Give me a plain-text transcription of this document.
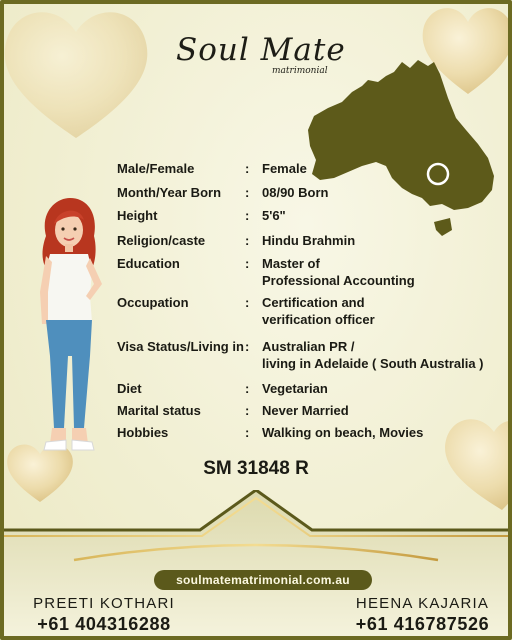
Soul Mate
matrimonial
Male/Female	: Female
Month/Year Born	: 08/90 Born
Height	: 5'6"
Religion/caste	: Hindu Brahmin
Education	: Master of
Professional Accounting
Occupation	: Certification and
verification officer
Visa Status/Living in : Australian PR /
living in Adelaide ( South Australia )
Diet	: Vegetarian
Marital status	: Never Married
Hobbies	: Walking on beach, Movies
SM 31848 R
soulmatematrimonial.com.au
PREETI KOTHARI
+61 404316288
HEENA KAJARIA
+61 416787526
